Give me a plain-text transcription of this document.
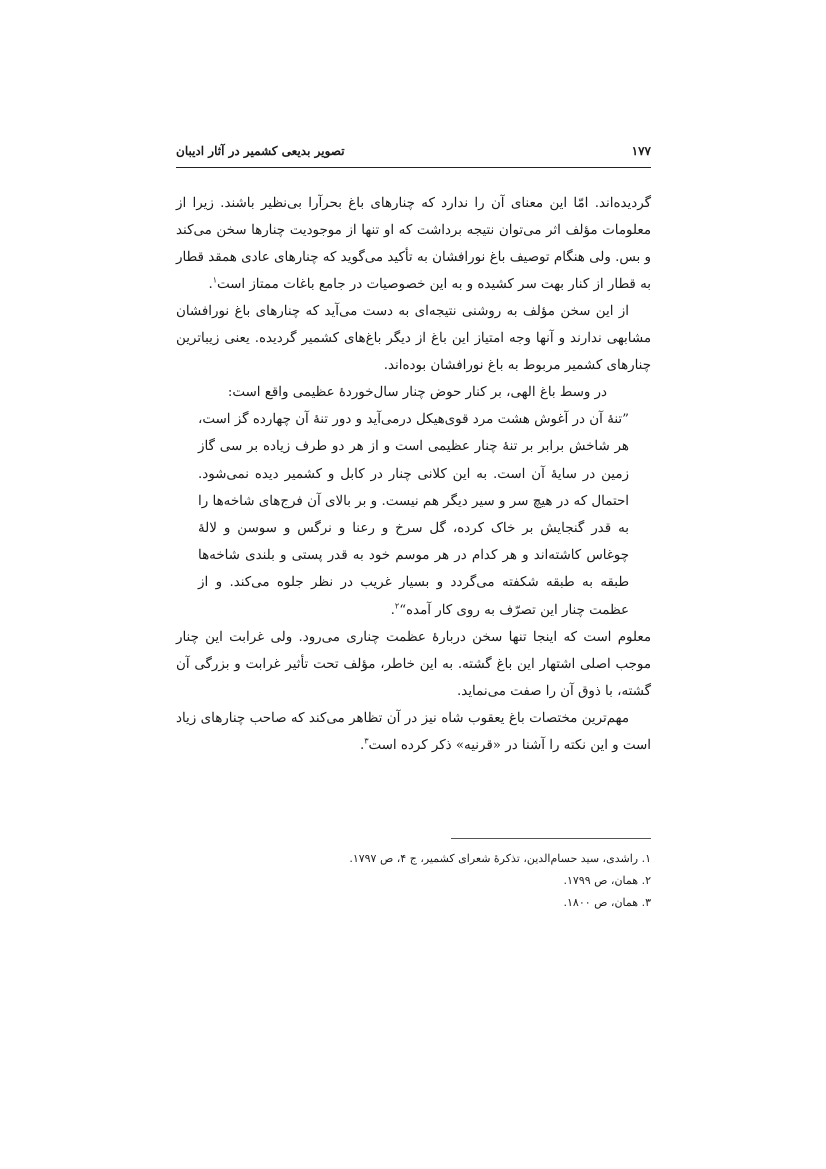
۱۷۷
تصویر بدیعی کشمیر در آثار ادیبان

گردیده‌اند. امّا این معنای آن را ندارد که چنارهای باغ بحرآرا بی‌نظیر باشند. زیرا از معلومات مؤلف اثر می‌توان نتیجه برداشت که او تنها از موجودیت چنارها سخن می‌کند و بس. ولی هنگام توصیف باغ نورافشان به تأکید می‌گوید که چنارهای عادی همقد قطار به قطار از کنار بهت سر کشیده و به این خصوصیات در جامع باغات ممتاز است$^۱$.

از این سخن مؤلف به روشنی نتیجه‌ای به دست می‌آید که چنارهای باغ نورافشان مشابهی ندارند و آنها وجه امتیاز این باغ از دیگر باغ‌های کشمیر گردیده. یعنی زیباترین چنارهای کشمیر مربوط به باغ نورافشان بوده‌اند.

در وسط باغ الهی، بر کنار حوض چنار سال‌خوردهٔ عظیمی واقع است:

”تنهٔ آن در آغوش هشت مرد قوی‌هیکل درمی‌آید و دور تنهٔ آن چهارده گز است، هر شاخش برابر بر تنهٔ چنار عظیمی است و از هر دو طرف زیاده بر سی گاز زمین در سایهٔ آن است. به این کلانی چنار در کابل و کشمیر دیده نمی‌شود. احتمال که در هیچ سر و سیر دیگر هم نیست. و بر بالای آن فرج‌های شاخه‌ها را به قدر گنجایش بر خاک کرده، گل سرخ و رعنا و نرگس و سوسن و لالهٔ چوغاس کاشته‌اند و هر کدام در هر موسم خود به قدر پستی و بلندی شاخه‌ها طبقه به طبقه شکفته می‌گردد و بسیار غریب در نظر جلوه می‌کند. و از عظمت چنار این تصرّف به روی کار آمده“$^۲$.

معلوم است که اینجا تنها سخن دربارهٔ عظمت چناری می‌رود. ولی غرابت این چنار موجب اصلی اشتهار این باغ گشته. به این خاطر، مؤلف تحت تأثیر غرابت و بزرگی آن گشته، با ذوق آن را صفت می‌نماید.

مهم‌ترین مختصات باغ یعقوب شاه نیز در آن تظاهر می‌کند که صاحب چنارهای زیاد است و این نکته را آشنا در «قرنیه» ذکر کرده است$^۳$.

۱. راشدی، سید حسام‌الدین، تذکرهٔ شعرای کشمیر، ج ۴، ص ۱۷۹۷.

۲. همان، ص ۱۷۹۹.

۳. همان، ص ۱۸۰۰.
